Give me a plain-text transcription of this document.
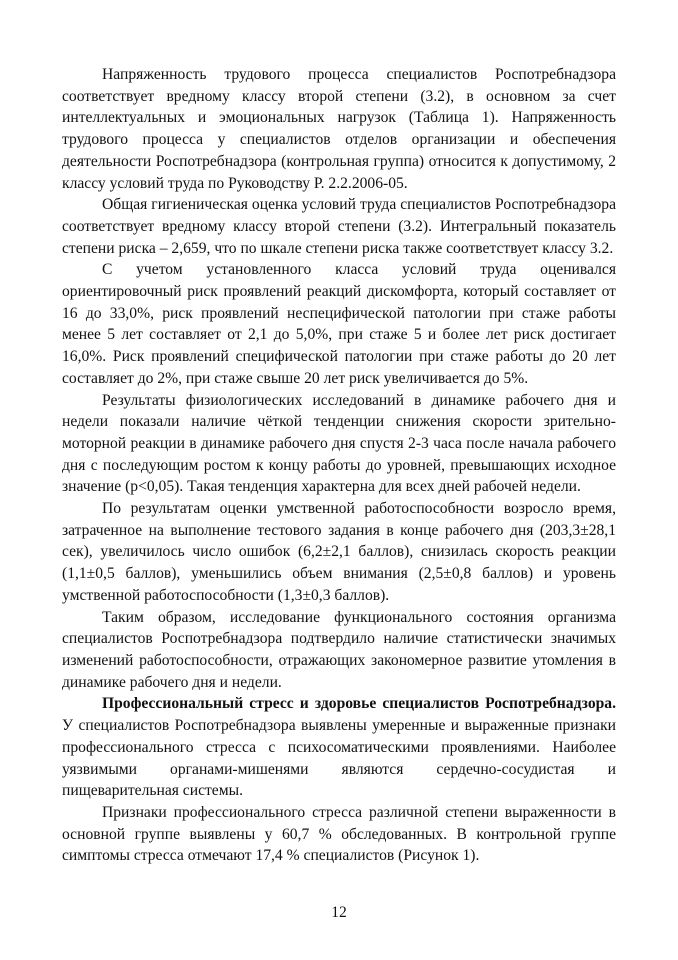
Напряженность трудового процесса специалистов Роспотребнадзора соответствует вредному классу второй степени (3.2), в основном за счет интеллектуальных и эмоциональных нагрузок (Таблица 1). Напряженность трудового процесса у специалистов отделов организации и обеспечения деятельности Роспотребнадзора (контрольная группа) относится к допустимому, 2 классу условий труда по Руководству Р. 2.2.2006-05.

Общая гигиеническая оценка условий труда специалистов Роспотребнадзора соответствует вредному классу второй степени (3.2). Интегральный показатель степени риска – 2,659, что по шкале степени риска также соответствует классу 3.2.

С учетом установленного класса условий труда оценивался ориентировочный риск проявлений реакций дискомфорта, который составляет от 16 до 33,0%, риск проявлений неспецифической патологии при стаже работы менее 5 лет составляет от 2,1 до 5,0%, при стаже 5 и более лет риск достигает 16,0%. Риск проявлений специфической патологии при стаже работы до 20 лет составляет до 2%, при стаже свыше 20 лет риск увеличивается до 5%.

Результаты физиологических исследований в динамике рабочего дня и недели показали наличие чёткой тенденции снижения скорости зрительно-моторной реакции в динамике рабочего дня спустя 2-3 часа после начала рабочего дня с последующим ростом к концу работы до уровней, превышающих исходное значение (p<0,05). Такая тенденция характерна для всех дней рабочей недели.

По результатам оценки умственной работоспособности возросло время, затраченное на выполнение тестового задания в конце рабочего дня (203,3±28,1 сек), увеличилось число ошибок (6,2±2,1 баллов), снизилась скорость реакции (1,1±0,5 баллов), уменьшились объем внимания (2,5±0,8 баллов) и уровень умственной работоспособности (1,3±0,3 баллов).

Таким образом, исследование функционального состояния организма специалистов Роспотребнадзора подтвердило наличие статистически значимых изменений работоспособности, отражающих закономерное развитие утомления в динамике рабочего дня и недели.

Профессиональный стресс и здоровье специалистов Роспотребнадзора. У специалистов Роспотребнадзора выявлены умеренные и выраженные признаки профессионального стресса с психосоматическими проявлениями. Наиболее уязвимыми органами-мишенями являются сердечно-сосудистая и пищеварительная системы.

Признаки профессионального стресса различной степени выраженности в основной группе выявлены у 60,7 % обследованных. В контрольной группе симптомы стресса отмечают 17,4 % специалистов (Рисунок 1).

12
